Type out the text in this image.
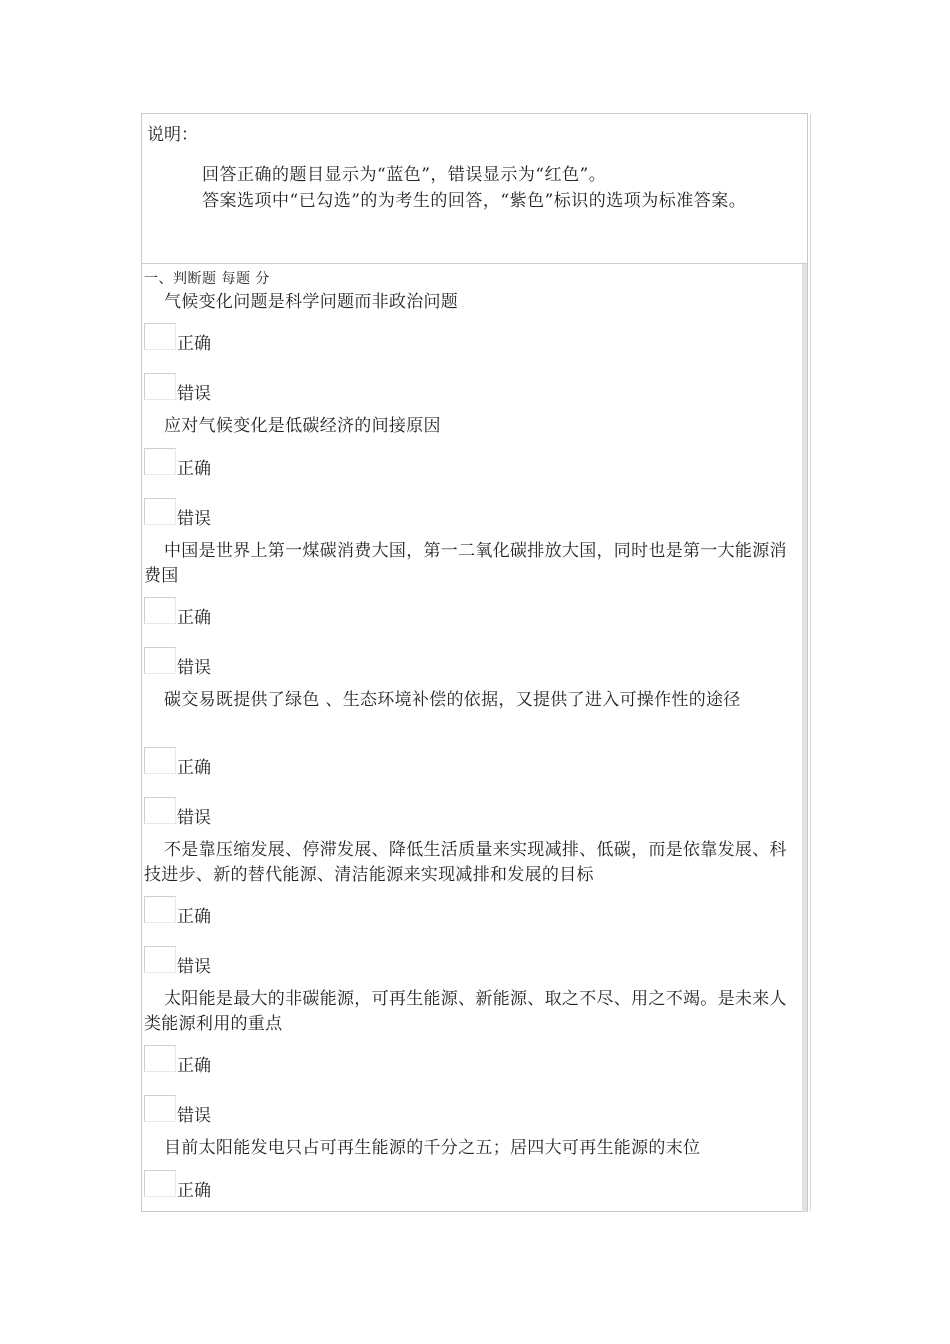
说明：
回答正确的题目显示为“蓝色”，错误显示为“红色”。
答案选项中“已勾选”的为考生的回答，“紫色”标识的选项为标准答案。
一、判断题 每题 分
气候变化问题是科学问题而非政治问题
正确
错误
应对气候变化是低碳经济的间接原因
正确
错误
中国是世界上第一煤碳消费大国，第一二氧化碳排放大国，同时也是第一大能源消费国
正确
错误
碳交易既提供了绿色 、生态环境补偿的依据，又提供了进入可操作性的途径
正确
错误
不是靠压缩发展、停滞发展、降低生活质量来实现减排、低碳，而是依靠发展、科技进步、新的替代能源、清洁能源来实现减排和发展的目标
正确
错误
太阳能是最大的非碳能源，可再生能源、新能源、取之不尽、用之不竭。是未来人类能源利用的重点
正确
错误
目前太阳能发电只占可再生能源的千分之五；居四大可再生能源的末位
正确
